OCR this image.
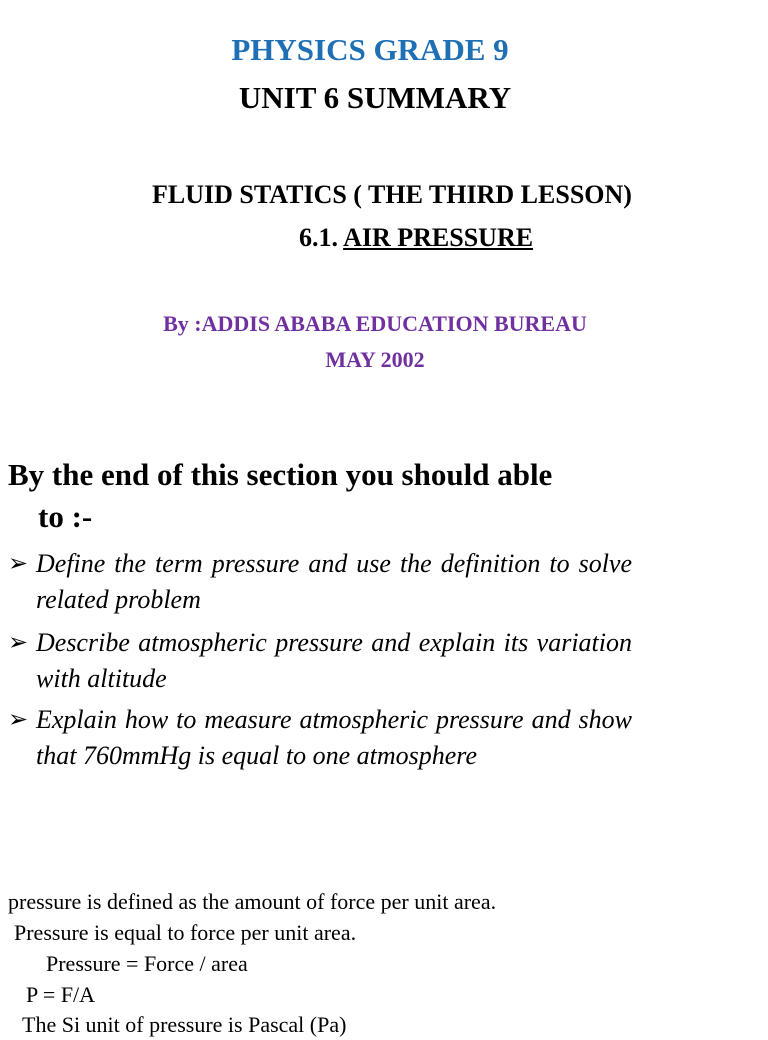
PHYSICS GRADE 9
UNIT 6 SUMMARY
FLUID STATICS ( THE THIRD LESSON)
6.1. AIR PRESSURE
By :ADDIS ABABA EDUCATION BUREAU
MAY 2002
By the end of this section you should able
to :-
➢ Define the term pressure and use the definition to solve related problem
➢ Describe atmospheric pressure and explain its variation with altitude
➢ Explain how to measure atmospheric pressure and show that 760mmHg is equal to one atmosphere
pressure is defined as the amount of force per unit area.
Pressure is equal to force per unit area.
Pressure = Force / area
P = F/A
The Si unit of pressure is Pascal (Pa)
